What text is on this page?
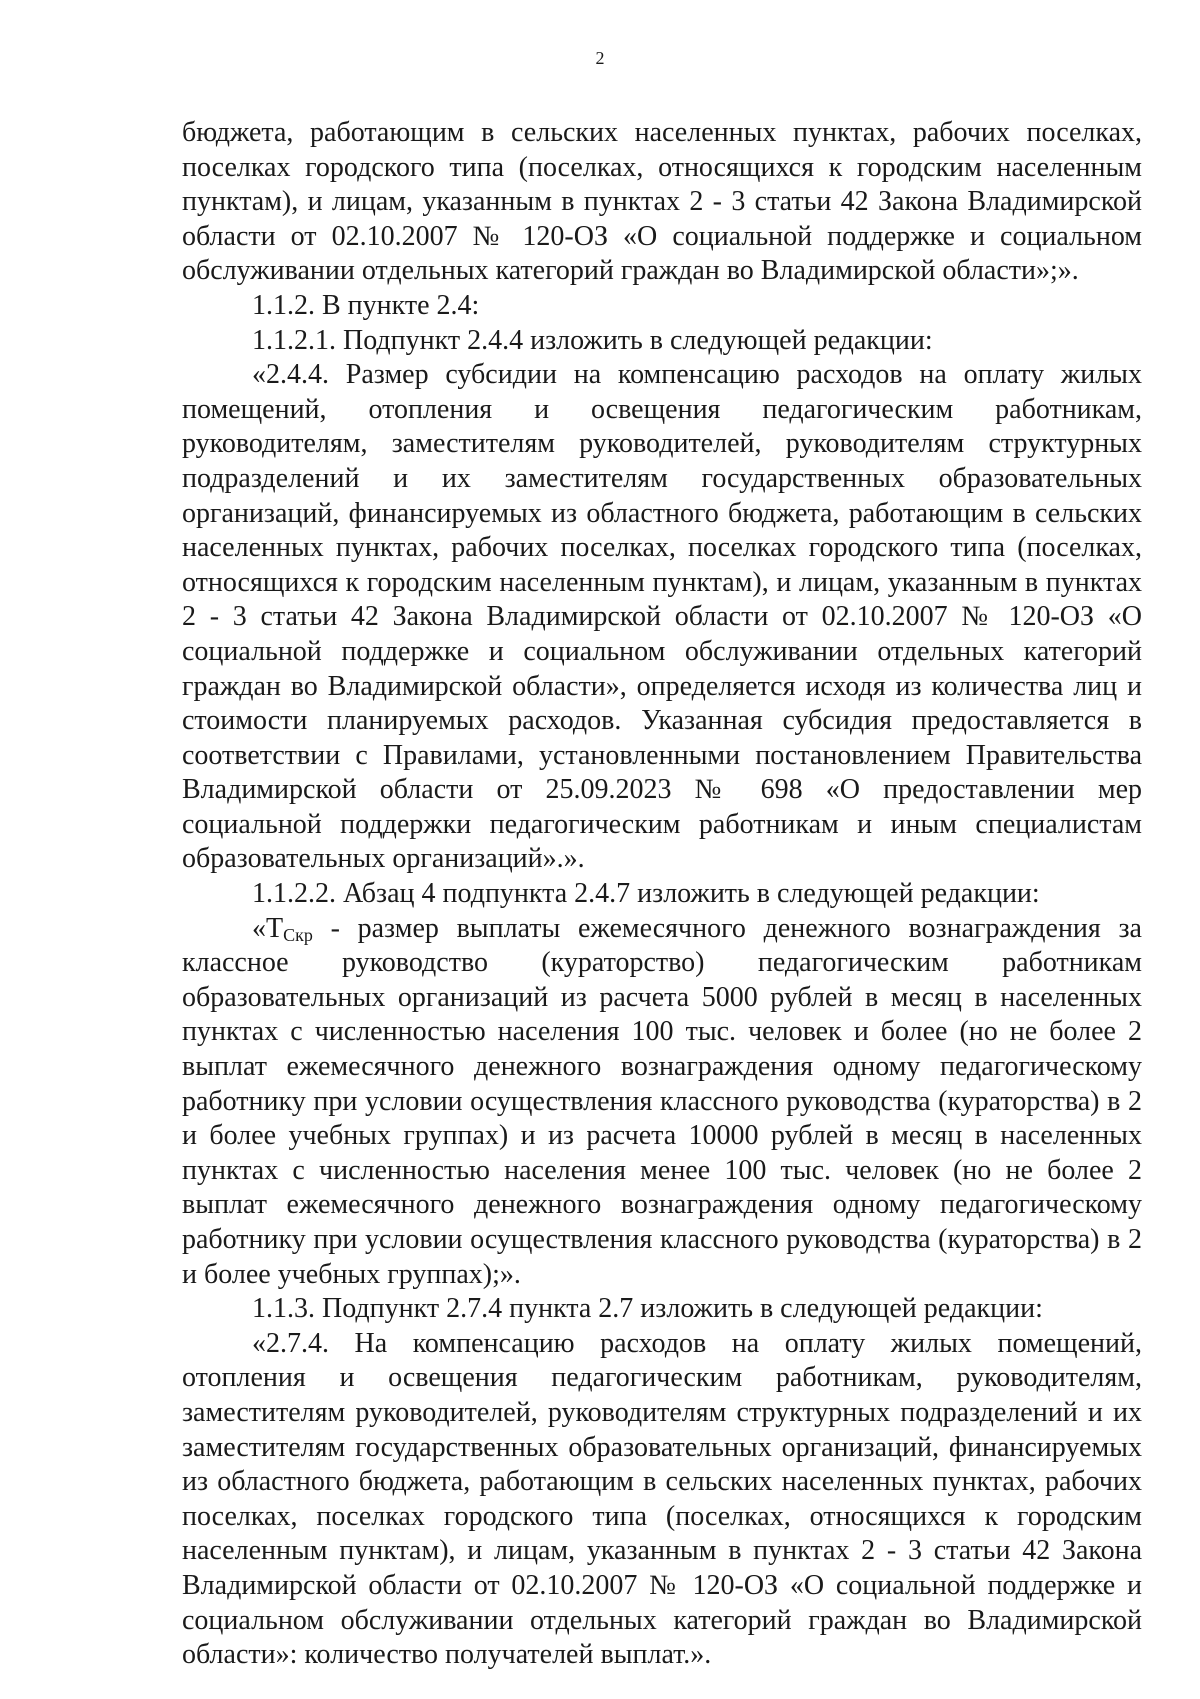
2

бюджета, работающим в сельских населенных пунктах, рабочих поселках, поселках городского типа (поселках, относящихся к городским населенным пунктам), и лицам, указанным в пунктах 2 - 3 статьи 42 Закона Владимирской области от 02.10.2007 № 120-ОЗ «О социальной поддержке и социальном обслуживании отдельных категорий граждан во Владимирской области»;».

1.1.2. В пункте 2.4:

1.1.2.1. Подпункт 2.4.4 изложить в следующей редакции:

«2.4.4. Размер субсидии на компенсацию расходов на оплату жилых помещений, отопления и освещения педагогическим работникам, руководителям, заместителям руководителей, руководителям структурных подразделений и их заместителям государственных образовательных организаций, финансируемых из областного бюджета, работающим в сельских населенных пунктах, рабочих поселках, поселках городского типа (поселках, относящихся к городским населенным пунктам), и лицам, указанным в пунктах 2 - 3 статьи 42 Закона Владимирской области от 02.10.2007 № 120-ОЗ «О социальной поддержке и социальном обслуживании отдельных категорий граждан во Владимирской области», определяется исходя из количества лиц и стоимости планируемых расходов. Указанная субсидия предоставляется в соответствии с Правилами, установленными постановлением Правительства Владимирской области от 25.09.2023 № 698 «О предоставлении мер социальной поддержки педагогическим работникам и иным специалистам образовательных организаций».».

1.1.2.2. Абзац 4 подпункта 2.4.7 изложить в следующей редакции:

«$Т_{Скр}$ - размер выплаты ежемесячного денежного вознаграждения за классное руководство (кураторство) педагогическим работникам образовательных организаций из расчета 5000 рублей в месяц в населенных пунктах с численностью населения 100 тыс. человек и более (но не более 2 выплат ежемесячного денежного вознаграждения одному педагогическому работнику при условии осуществления классного руководства (кураторства) в 2 и более учебных группах) и из расчета 10000 рублей в месяц в населенных пунктах с численностью населения менее 100 тыс. человек (но не более 2 выплат ежемесячного денежного вознаграждения одному педагогическому работнику при условии осуществления классного руководства (кураторства) в 2 и более учебных группах);».

1.1.3. Подпункт 2.7.4 пункта 2.7 изложить в следующей редакции:

«2.7.4. На компенсацию расходов на оплату жилых помещений, отопления и освещения педагогическим работникам, руководителям, заместителям руководителей, руководителям структурных подразделений и их заместителям государственных образовательных организаций, финансируемых из областного бюджета, работающим в сельских населенных пунктах, рабочих поселках, поселках городского типа (поселках, относящихся к городским населенным пунктам), и лицам, указанным в пунктах 2 - 3 статьи 42 Закона Владимирской области от 02.10.2007 № 120-ОЗ «О социальной поддержке и социальном обслуживании отдельных категорий граждан во Владимирской области»: количество получателей выплат.».
